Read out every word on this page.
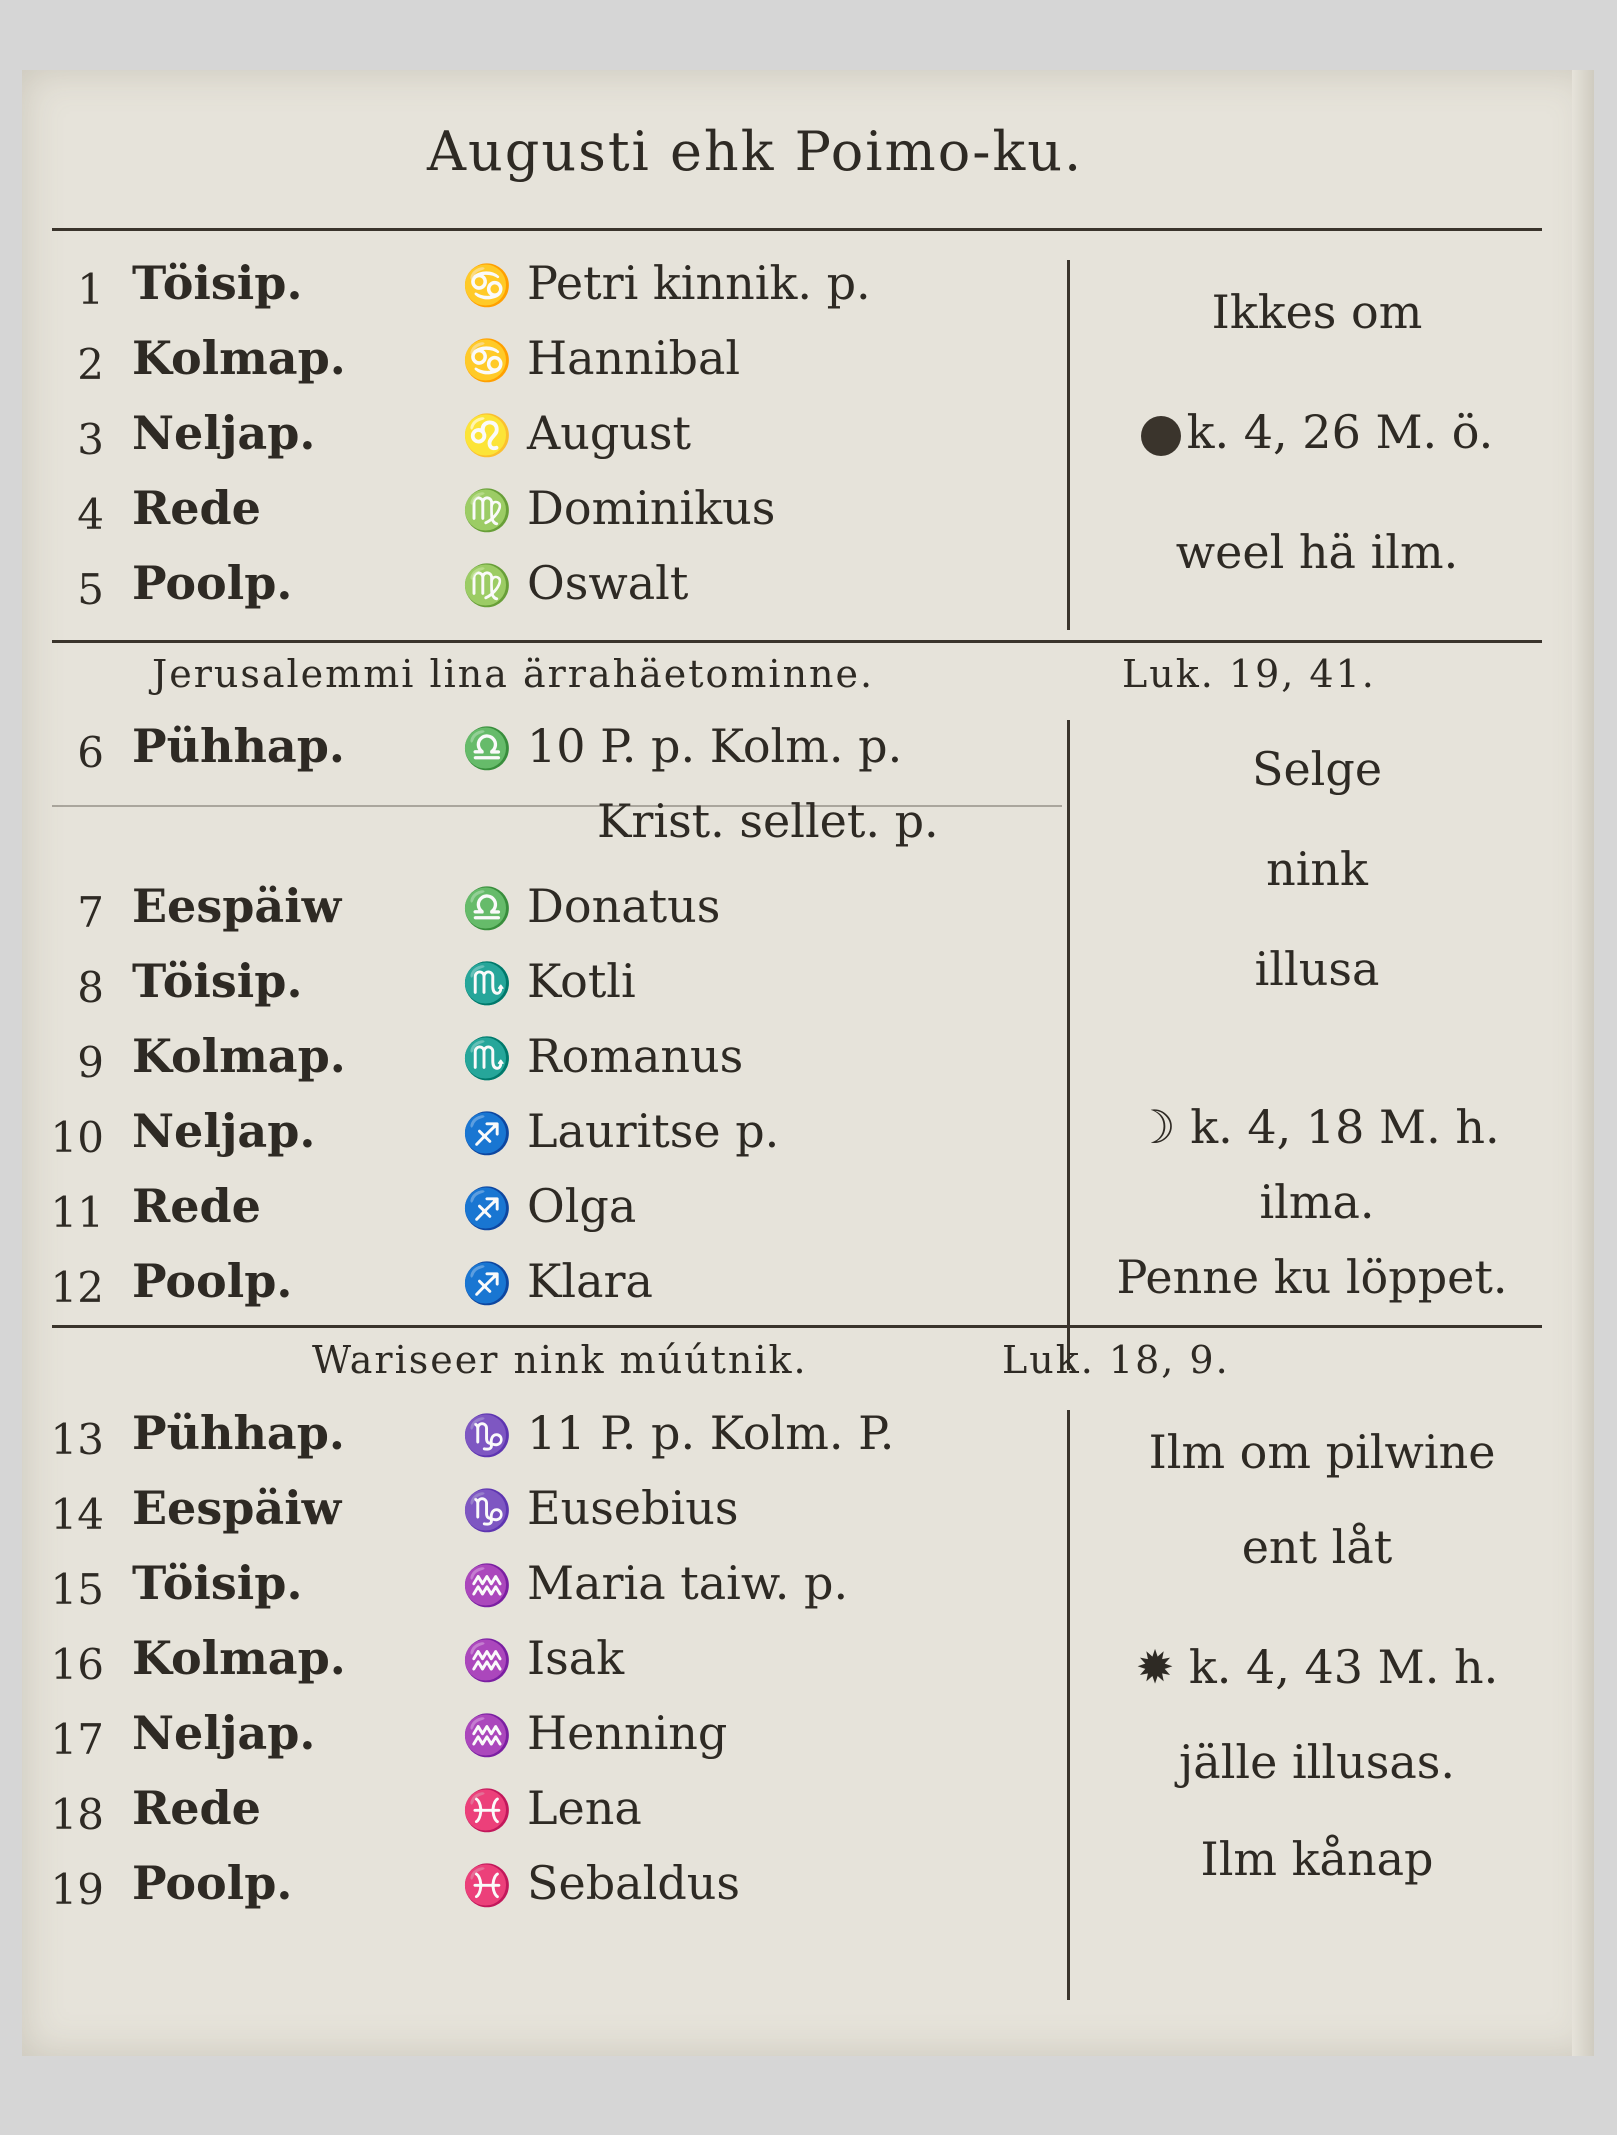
Augusti ehk Poimo-ku.
1 Töisip.	♋ Petri kinnik. p.
2 Kolmap.	♋ Hannibal
3 Neljap.	♌ August
4 Rede	♍ Dominikus
5 Poolp.	♍ Oswalt
Ikkes om
k. 4, 26 M. ö.
weel hä ilm.
Jerusalemmi lina ärrahäetominne.	Luk. 19, 41.
6 Pühhap.	♎ 10 P. p. Kolm. p.
Krist. sellet. p.
7 Eespäiw	♎ Donatus
8 Töisip.	♏ Kotli
9 Kolmap.	♏ Romanus
10 Neljap.	♐ Lauritse p.
11 Rede	♐ Olga
12 Poolp.	♐ Klara
Selge
nink
illusa
☽ k. 4, 18 M. h.
ilma.
Penne ku löppet.
Wariseer nink múútnik.	Luk. 18, 9.
13 Pühhap.	♑ 11 P. p. Kolm. P.
14 Eespäiw	♑ Eusebius
15 Töisip.	♒ Maria taiw. p.
16 Kolmap.	♒ Isak
17 Neljap.	♒ Henning
18 Rede	♓ Lena
19 Poolp.	♓ Sebaldus
Ilm om pilwine
ent låt
✹ k. 4, 43 M. h.
jälle illusas.
Ilm kånap
